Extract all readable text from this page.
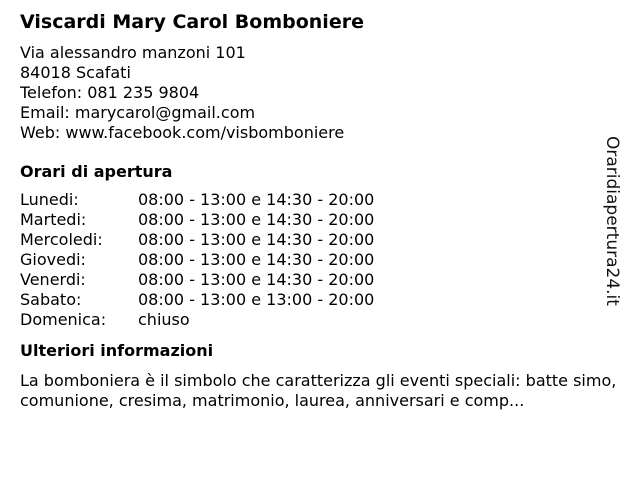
Viscardi Mary Carol Bomboniere
Via alessandro manzoni 101
84018 Scafati
Telefon: 081 235 9804
Email: marycarol@gmail.com
Web: www.facebook.com/visbomboniere
Orari di apertura
Lunedi:	08:00 - 13:00 e 14:30 - 20:00
Martedi:	08:00 - 13:00 e 14:30 - 20:00
Mercoledi:	08:00 - 13:00 e 14:30 - 20:00
Giovedi:	08:00 - 13:00 e 14:30 - 20:00
Venerdi:	08:00 - 13:00 e 14:30 - 20:00
Sabato:	08:00 - 13:00 e 13:00 - 20:00
Domenica:	chiuso
Ulteriori informazioni
La bomboniera è il simbolo che caratterizza gli eventi speciali: batte simo, comunione, cresima, matrimonio, laurea, anniversari e comp...
Oraridiapertura24.it
